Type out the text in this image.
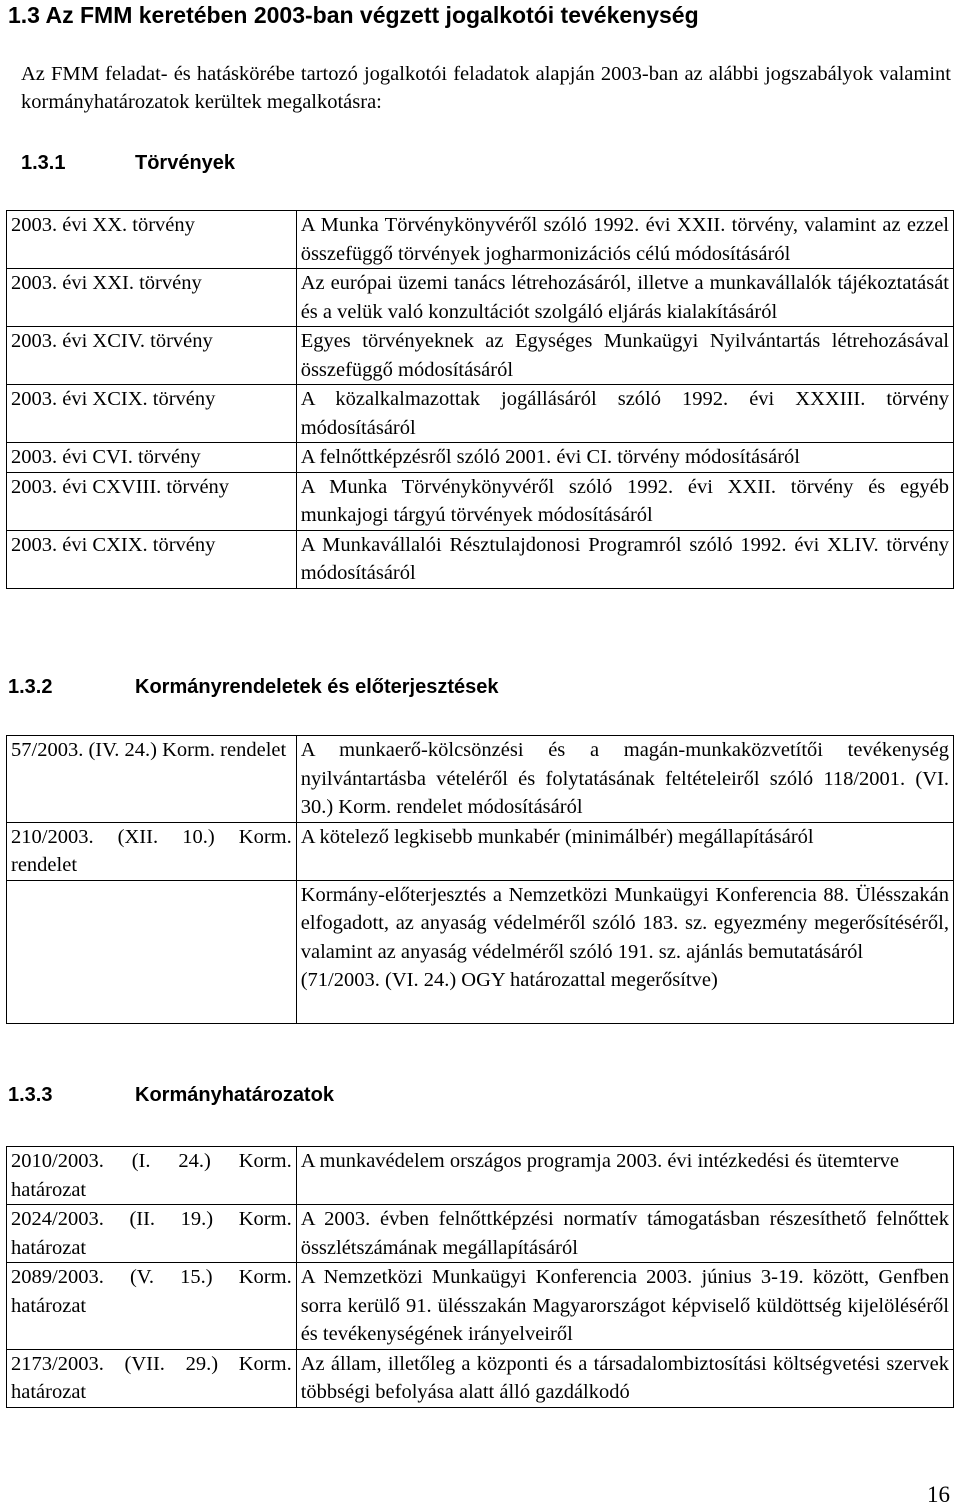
1.3 Az FMM keretében 2003-ban végzett jogalkotói tevékenység
Az FMM feladat- és hatáskörébe tartozó jogalkotói feladatok alapján 2003-ban az alábbi jogszabályok valamint kormányhatározatok kerültek megalkotásra:
1.3.1	Törvények
2003. évi XX. törvény	A Munka Törvénykönyvéről szóló 1992. évi XXII. törvény, valamint az ezzel összefüggő törvények jogharmonizációs célú módosításáról
2003. évi XXI. törvény	Az európai üzemi tanács létrehozásáról, illetve a munkavállalók tájékoztatását és a velük való konzultációt szolgáló eljárás kialakításáról
2003. évi XCIV. törvény	Egyes törvényeknek az Egységes Munkaügyi Nyilvántartás létrehozásával összefüggő módosításáról
2003. évi XCIX. törvény	A közalkalmazottak jogállásáról szóló 1992. évi XXXIII. törvény módosításáról
2003. évi CVI. törvény	A felnőttképzésről szóló 2001. évi CI. törvény módosításáról
2003. évi CXVIII. törvény	A Munka Törvénykönyvéről szóló 1992. évi XXII. törvény és egyéb munkajogi tárgyú törvények módosításáról
2003. évi CXIX. törvény	A Munkavállalói Résztulajdonosi Programról szóló 1992. évi XLIV. törvény módosításáról
1.3.2	Kormányrendeletek és előterjesztések
57/2003. (IV. 24.) Korm. rendelet	A munkaerő-kölcsönzési és a magán-munkaközvetítői tevékenység nyilvántartásba vételéről és folytatásának feltételeiről szóló 118/2001. (VI. 30.) Korm. rendelet módosításáról
210/2003. (XII. 10.) Korm. rendelet	A kötelező legkisebb munkabér (minimálbér) megállapításáról

	Kormány-előterjesztés a Nemzetközi Munkaügyi Konferencia 88. Ülésszakán elfogadott, az anyaság védelméről szóló 183. sz. egyezmény megerősítéséről, valamint az anyaság védelméről szóló 191. sz. ajánlás bemutatásáról
(71/2003. (VI. 24.) OGY határozattal megerősítve)
1.3.3	Kormányhatározatok
2010/2003. (I. 24.) Korm. határozat	A munkavédelem országos programja 2003. évi intézkedési és ütemterve
2024/2003. (II. 19.) Korm. határozat	A 2003. évben felnőttképzési normatív támogatásban részesíthető felnőttek összlétszámának megállapításáról
2089/2003. (V. 15.) Korm. határozat	A Nemzetközi Munkaügyi Konferencia 2003. június 3-19. között, Genfben sorra kerülő 91. ülésszakán Magyarországot képviselő küldöttség kijelöléséről és tevékenységének irányelveiről
2173/2003. (VII. 29.) Korm. határozat	Az állam, illetőleg a központi és a társadalombiztosítási költségvetési szervek többségi befolyása alatt álló gazdálkodó
16
